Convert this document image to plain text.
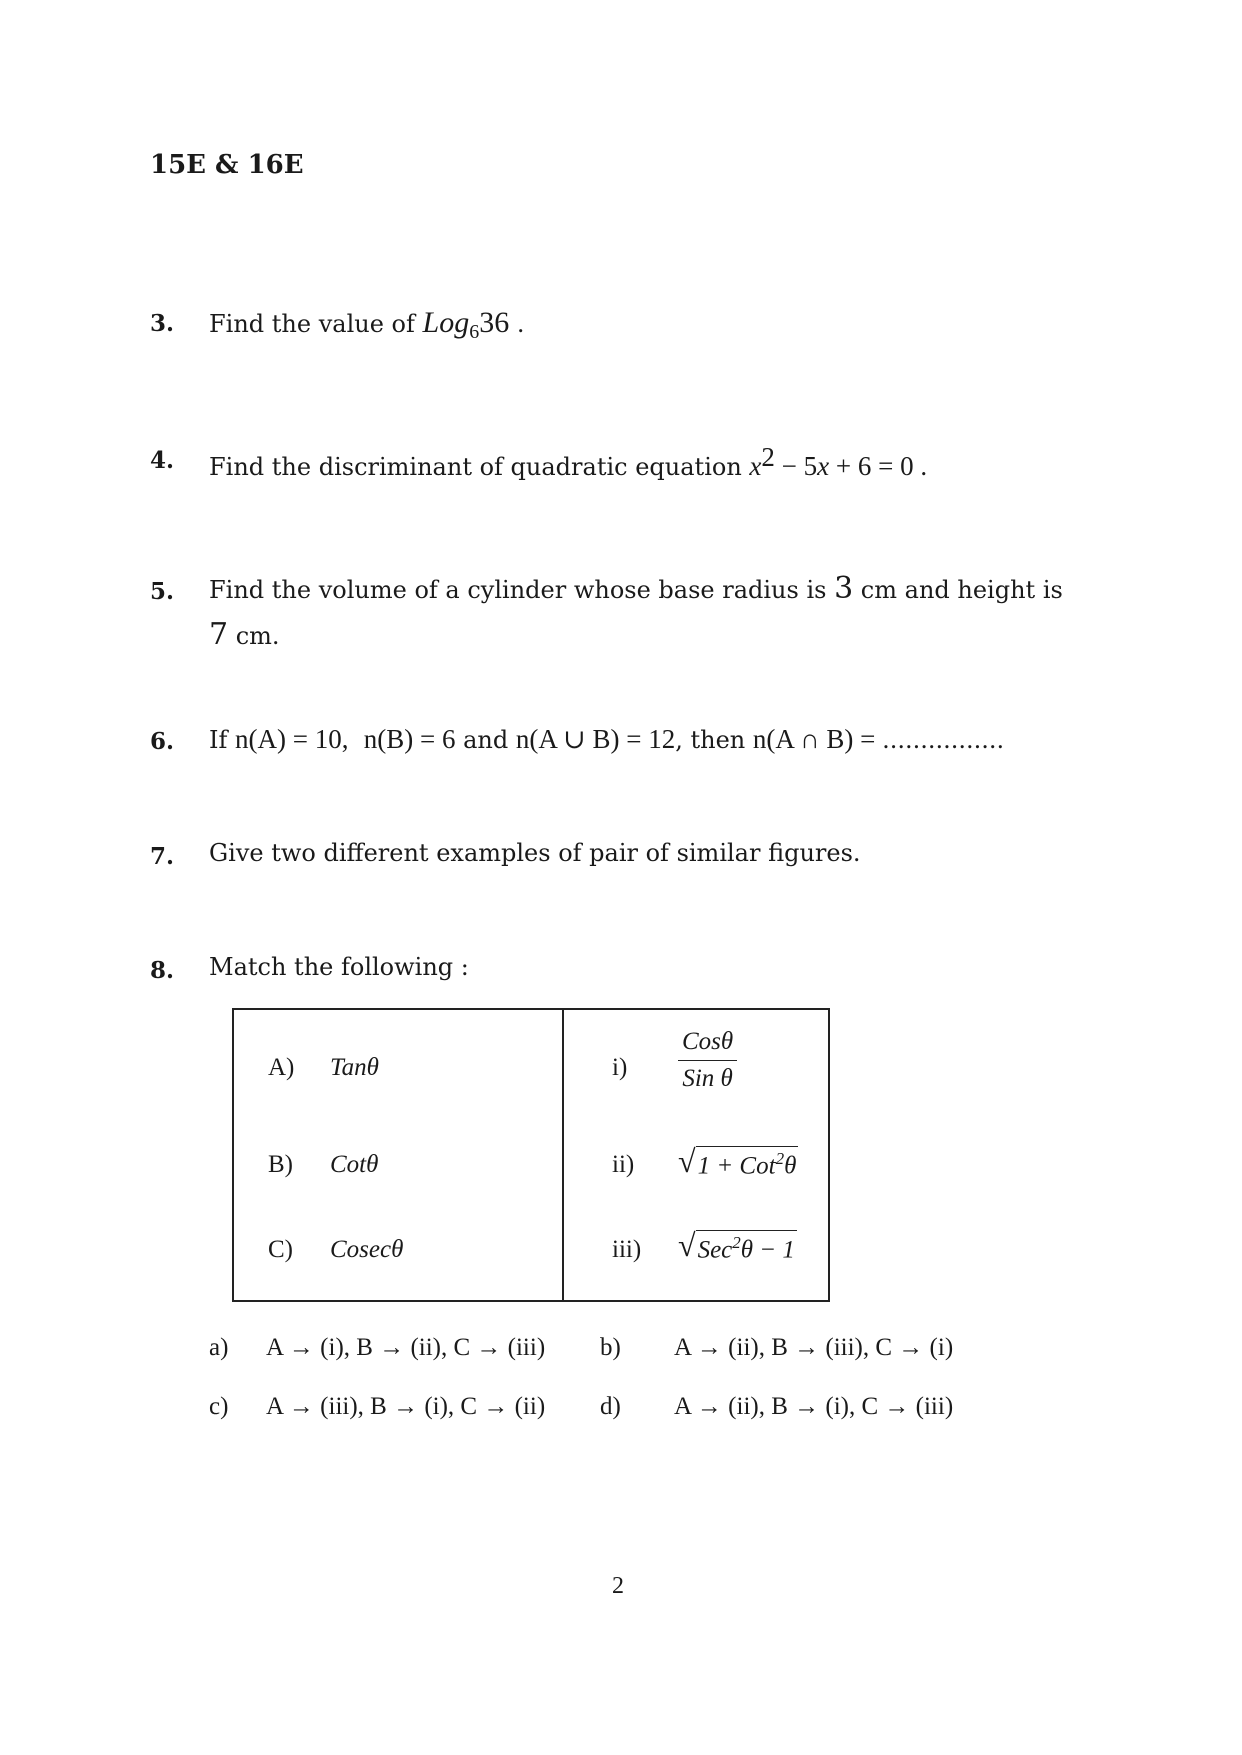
15E & 16E
3. Find the value of Log$_6$36 .
4. Find the discriminant of quadratic equation $x^2 - 5x + 6 = 0$ .
5. Find the volume of a cylinder whose base radius is 3 cm and height is
7 cm.
6. If n(A) = 10, n(B) = 6 and n(A ∪ B) = 12, then n(A ∩ B) = ................
7. Give two different examples of pair of similar figures.
8. Match the following :
A) Tanθ
B) Cotθ
C) Cosecθ
$i) \frac{\text{Cosθ}}{\text{Sin θ}}$
ii) √ 1 + Cot$^2$θ
iii) √ Sec$^2$θ − 1
a) A → (i), B → (ii), C → (iii) b) A → (ii), B → (iii), C → (i)
c) A → (iii), B → (i), C → (ii) d) A → (ii), B → (i), C → (iii)
2
